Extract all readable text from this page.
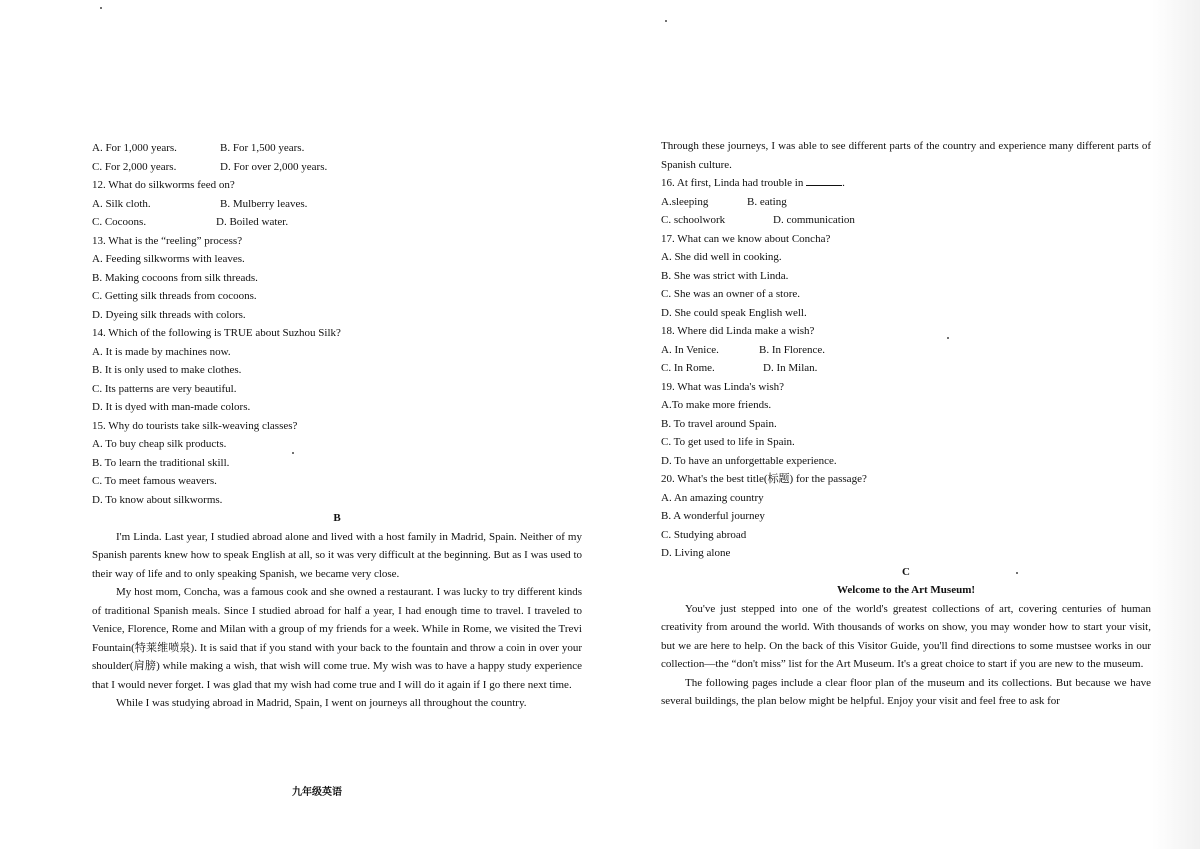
A. For 1,000 years.	B. For 1,500 years.
C. For 2,000 years.	D. For over 2,000 years.
12. What do silkworms feed on?
A. Silk cloth.	B. Mulberry leaves.
C. Cocoons.	D. Boiled water.
13. What is the “reeling” process?
A. Feeding silkworms with leaves.
B. Making cocoons from silk threads.
C. Getting silk threads from cocoons.
D. Dyeing silk threads with colors.
14. Which of the following is TRUE about Suzhou Silk?
A. It is made by machines now.
B. It is only used to make clothes.
C. Its patterns are very beautiful.
D. It is dyed with man-made colors.
15. Why do tourists take silk-weaving classes?
A. To buy cheap silk products.
B. To learn the traditional skill.
C. To meet famous weavers.
D. To know about silkworms.
B

I'm Linda. Last year, I studied abroad alone and lived with a host family in Madrid, Spain. Neither of my Spanish parents knew how to speak English at all, so it was very difficult at the beginning. But as I was used to their way of life and to only speaking Spanish, we became very close.

My host mom, Concha, was a famous cook and she owned a restaurant. I was lucky to try different kinds of traditional Spanish meals. Since I studied abroad for half a year, I had enough time to travel. I traveled to Venice, Florence, Rome and Milan with a group of my friends for a week. While in Rome, we visited the Trevi Fountain(特莱维喷泉). It is said that if you stand with your back to the fountain and throw a coin in over your shoulder(肩膀) while making a wish, that wish will come true. My wish was to have a happy study experience that I would never forget. I was glad that my wish had come true and I will do it again if I go there next time.

While I was studying abroad in Madrid, Spain, I went on journeys all throughout the country.

九年级英语
Through these journeys, I was able to see different parts of the country and experience many different parts of Spanish culture.
16. At first, Linda had trouble in	.
A.sleeping	B. eating
C. schoolwork	D. communication
17. What can we know about Concha?
A. She did well in cooking.
B. She was strict with Linda.
C. She was an owner of a store.
D. She could speak English well.
18. Where did Linda make a wish?
A. In Venice.	B. In Florence.
C. In Rome.	D. In Milan.
19. What was Linda's wish?
A.To make more friends.
B. To travel around Spain.
C. To get used to life in Spain.
D. To have an unforgettable experience.
20. What's the best title(标题) for the passage?
A. An amazing country
B. A wonderful journey
C. Studying abroad
D. Living alone
C
Welcome to the Art Museum!

You've just stepped into one of the world's greatest collections of art, covering centuries of human creativity from around the world. With thousands of works on show, you may wonder how to start your visit, but we are here to help. On the back of this Visitor Guide, you'll find directions to some mustsee works in our collection—the “don't miss” list for the Art Museum. It's a great choice to start if you are new to the museum.

The following pages include a clear floor plan of the museum and its collections. But because we have several buildings, the plan below might be helpful. Enjoy your visit and feel free to ask for
